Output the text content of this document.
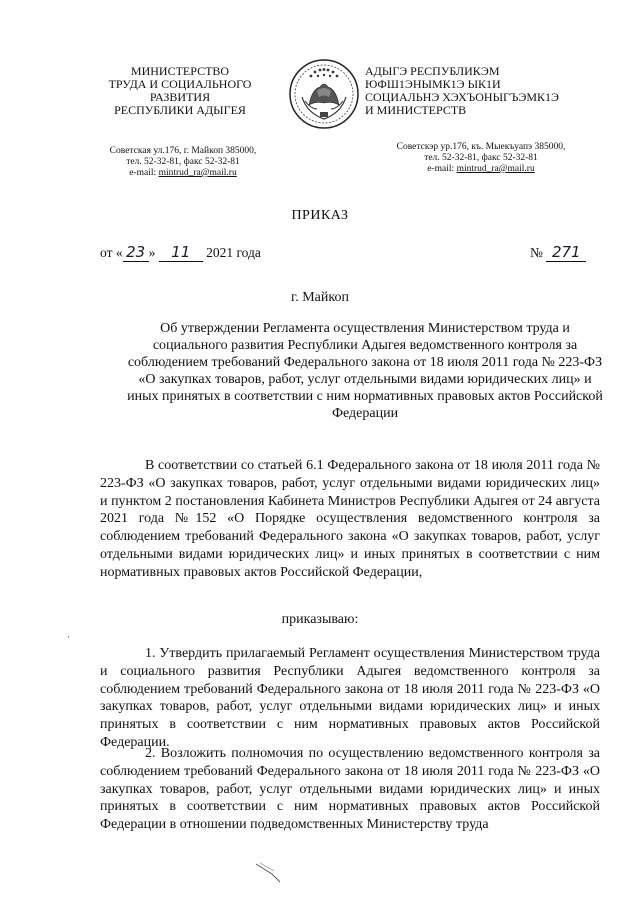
МИНИСТЕРСТВО
ТРУДА И СОЦИАЛЬНОГО
РАЗВИТИЯ
РЕСПУБЛИКИ АДЫГЕЯ
АДЫГЭ РЕСПУБЛИКЭМ
ЮФШ1ЭНЫМК1Э ЫК1И
СОЦИАЛЬНЭ ХЭХЪОНЫГЪЭМК1Э
И МИНИСТЕРСТВ
Советская ул.176, г. Майкоп 385000,
тел. 52-32-81, факс 52-32-81
e-mail: mintrud_ra@mail.ru
Советскэр ур.176, къ. Мыекъуапэ 385000,
тел. 52-32-81, факс 52-32-81
e-mail: mintrud_ra@mail.ru
ПРИКАЗ
от « 23 » 11 2021 года	№ 271
г. Майкоп
Об утверждении Регламента осуществления Министерством труда и социального развития Республики Адыгея ведомственного контроля за соблюдением требований Федерального закона от 18 июля 2011 года № 223-ФЗ «О закупках товаров, работ, услуг отдельными видами юридических лиц» и иных принятых в соответствии с ним нормативных правовых актов Российской Федерации
В соответствии со статьей 6.1 Федерального закона от 18 июля 2011 года № 223-ФЗ «О закупках товаров, работ, услуг отдельными видами юридических лиц» и пунктом 2 постановления Кабинета Министров Республики Адыгея от 24 августа 2021 года №152 «О Порядке осуществления ведомственного контроля за соблюдением требований Федерального закона «О закупках товаров, работ, услуг отдельными видами юридических лиц» и иных принятых в соответствии с ним нормативных правовых актов Российской Федерации,
приказываю:
1. Утвердить прилагаемый Регламент осуществления Министерством труда и социального развития Республики Адыгея ведомственного контроля за соблюдением требований Федерального закона от 18 июля 2011 года № 223-ФЗ «О закупках товаров, работ, услуг отдельными видами юридических лиц» и иных принятых в соответствии с ним нормативных правовых актов Российской Федерации.
2. Возложить полномочия по осуществлению ведомственного контроля за соблюдением требований Федерального закона от 18 июля 2011 года № 223-ФЗ «О закупках товаров, работ, услуг отдельными видами юридических лиц» и иных принятых в соответствии с ним нормативных правовых актов Российской Федерации в отношении подведомственных Министерству труда
